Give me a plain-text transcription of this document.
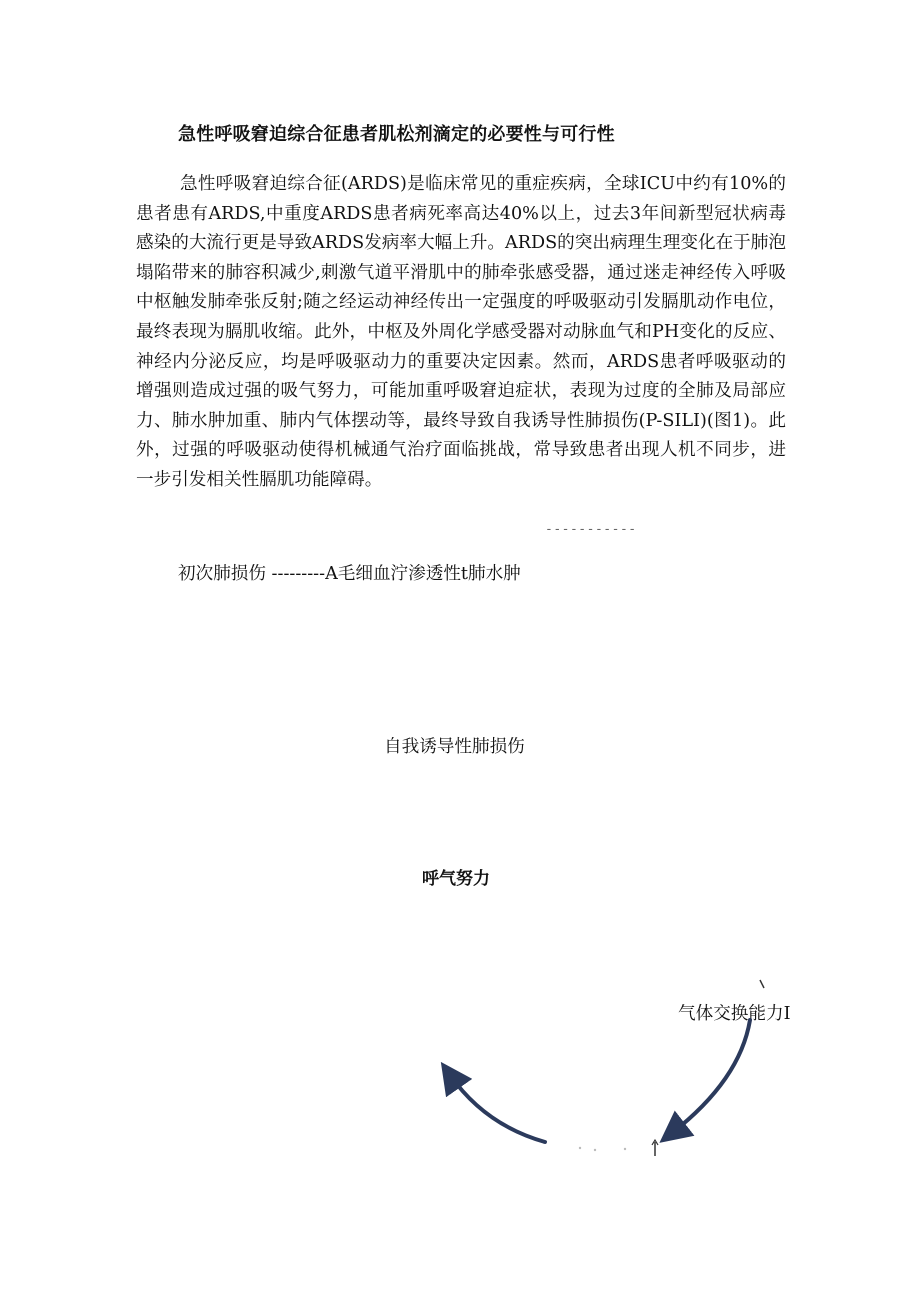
急性呼吸窘迫综合征患者肌松剂滴定的必要性与可行性

急性呼吸窘迫综合征(ARDS)是临床常见的重症疾病，全球ICU中约有10%的患者患有ARDS,中重度ARDS患者病死率高达40%以上，过去3年间新型冠状病毒感染的大流行更是导致ARDS发病率大幅上升。ARDS的突出病理生理变化在于肺泡塌陷带来的肺容积减少,刺激气道平滑肌中的肺牵张感受器，通过迷走神经传入呼吸中枢触发肺牵张反射;随之经运动神经传出一定强度的呼吸驱动引发膈肌动作电位，最终表现为膈肌收缩。此外，中枢及外周化学感受器对动脉血气和PH变化的反应、神经内分泌反应，均是呼吸驱动力的重要决定因素。然而，ARDS患者呼吸驱动的增强则造成过强的吸气努力，可能加重呼吸窘迫症状，表现为过度的全肺及局部应力、肺水肿加重、肺内气体摆动等，最终导致自我诱导性肺损伤(P-SILI)(图1)。此外，过强的呼吸驱动使得机械通气治疗面临挑战，常导致患者出现人机不同步，进一步引发相关性膈肌功能障碍。

-----------
初次肺损伤 ---------A毛细血泞渗透性t肺水肿
自我诱导性肺损伤
呼气努力
气体交换能力I
